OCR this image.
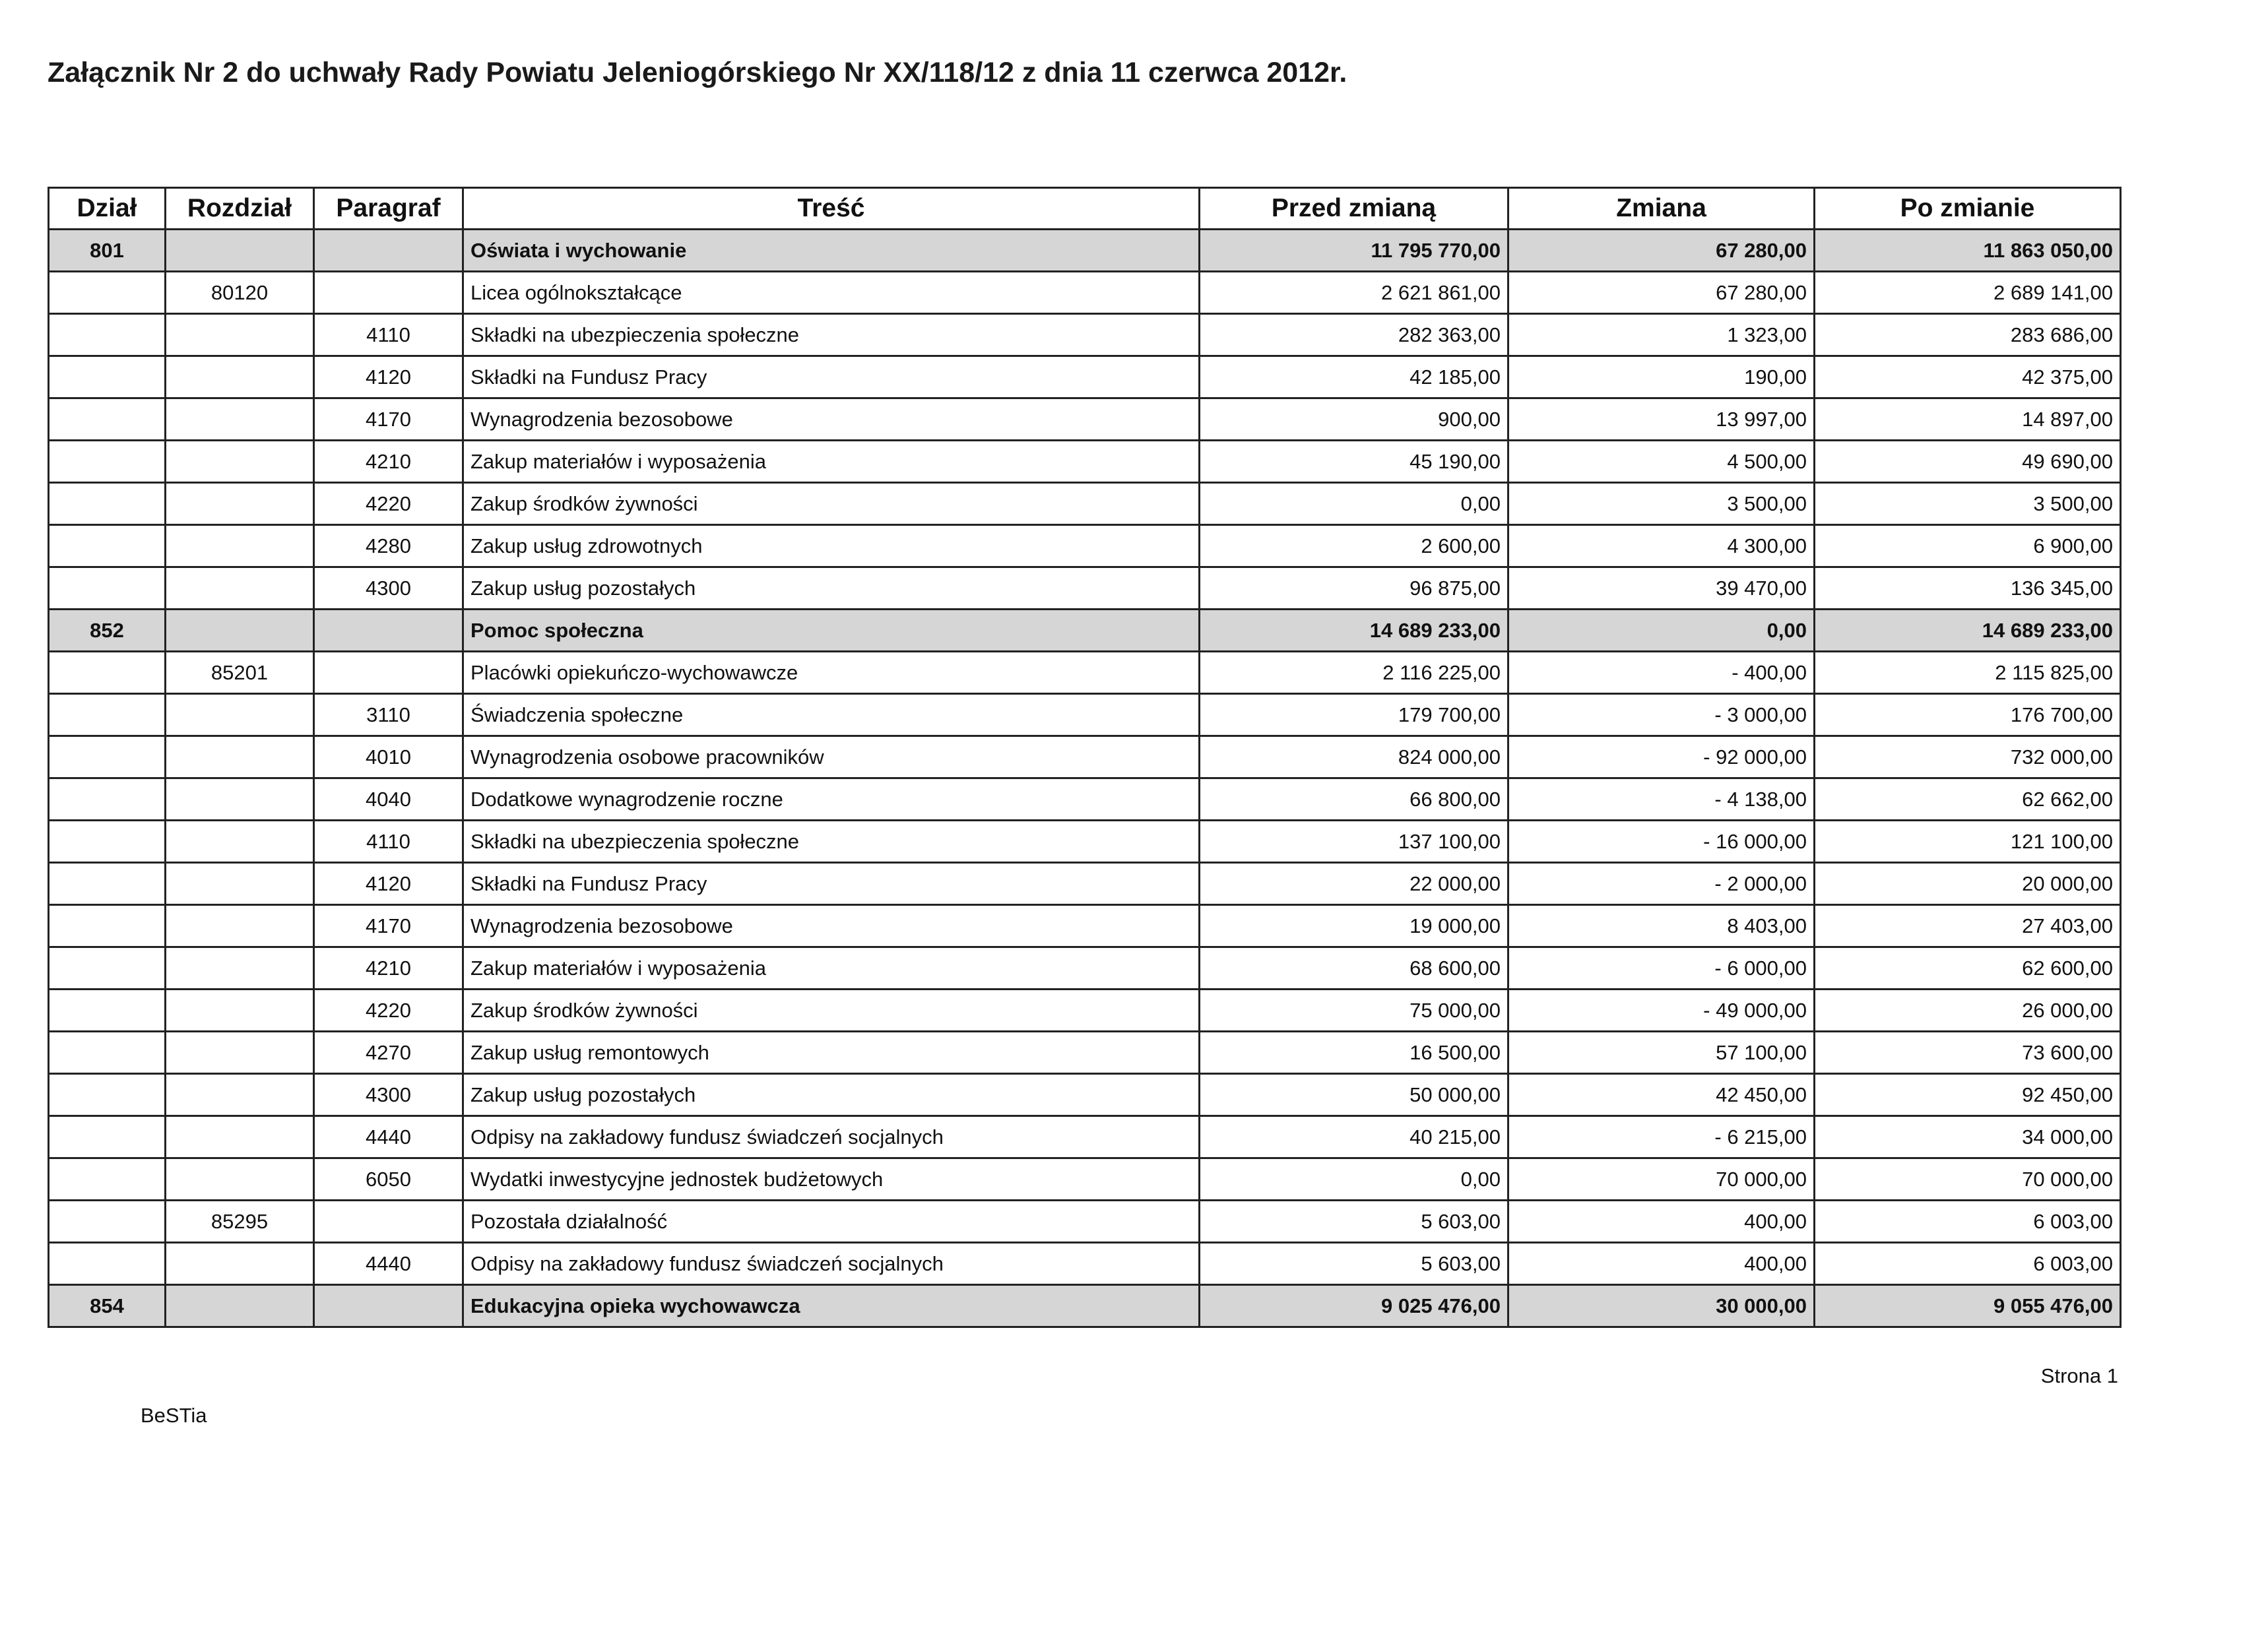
Załącznik Nr 2 do uchwały Rady Powiatu Jeleniogórskiego Nr XX/118/12 z dnia 11 czerwca 2012r.
Dział	Rozdział	Paragraf	Treść	Przed zmianą	Zmiana	Po zmianie
801			Oświata i wychowanie	11 795 770,00	67 280,00	11 863 050,00
	80120		Licea ogólnokształcące	2 621 861,00	67 280,00	2 689 141,00
		4110	Składki na ubezpieczenia społeczne	282 363,00	1 323,00	283 686,00
		4120	Składki na Fundusz Pracy	42 185,00	190,00	42 375,00
		4170	Wynagrodzenia bezosobowe	900,00	13 997,00	14 897,00
		4210	Zakup materiałów i wyposażenia	45 190,00	4 500,00	49 690,00
		4220	Zakup środków żywności	0,00	3 500,00	3 500,00
		4280	Zakup usług zdrowotnych	2 600,00	4 300,00	6 900,00
		4300	Zakup usług pozostałych	96 875,00	39 470,00	136 345,00
852			Pomoc społeczna	14 689 233,00	0,00	14 689 233,00
	85201		Placówki opiekuńczo-wychowawcze	2 116 225,00	- 400,00	2 115 825,00
		3110	Świadczenia społeczne	179 700,00	- 3 000,00	176 700,00
		4010	Wynagrodzenia osobowe pracowników	824 000,00	- 92 000,00	732 000,00
		4040	Dodatkowe wynagrodzenie roczne	66 800,00	- 4 138,00	62 662,00
		4110	Składki na ubezpieczenia społeczne	137 100,00	- 16 000,00	121 100,00
		4120	Składki na Fundusz Pracy	22 000,00	- 2 000,00	20 000,00
		4170	Wynagrodzenia bezosobowe	19 000,00	8 403,00	27 403,00
		4210	Zakup materiałów i wyposażenia	68 600,00	- 6 000,00	62 600,00
		4220	Zakup środków żywności	75 000,00	- 49 000,00	26 000,00
		4270	Zakup usług remontowych	16 500,00	57 100,00	73 600,00
		4300	Zakup usług pozostałych	50 000,00	42 450,00	92 450,00
		4440	Odpisy na zakładowy fundusz świadczeń socjalnych	40 215,00	- 6 215,00	34 000,00
		6050	Wydatki inwestycyjne jednostek budżetowych	0,00	70 000,00	70 000,00
	85295		Pozostała działalność	5 603,00	400,00	6 003,00
		4440	Odpisy na zakładowy fundusz świadczeń socjalnych	5 603,00	400,00	6 003,00
854			Edukacyjna opieka wychowawcza	9 025 476,00	30 000,00	9 055 476,00
Strona 1
BeSTia
